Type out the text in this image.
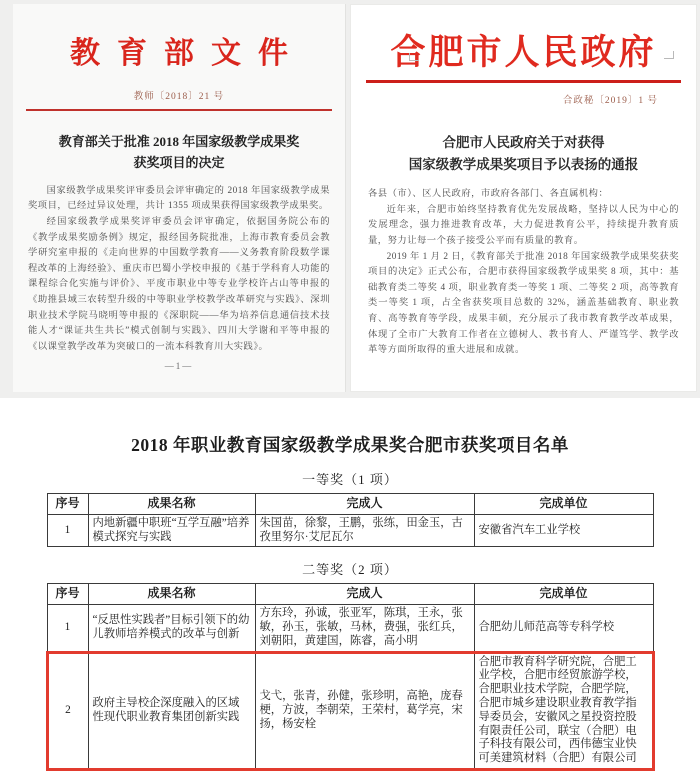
教育部文件
教师〔2018〕21 号
教育部关于批准 2018 年国家级教学成果奖
获奖项目的决定

国家级教学成果奖评审委员会评审确定的 2018 年国家级教学成果奖项目，已经过异议处理，共计 1355 项成果获得国家级教学成果奖。

经国家级教学成果奖评审委员会评审确定，依据国务院公布的《教学成果奖励条例》规定，报经国务院批准，上海市教育委员会教学研究室申报的《走向世界的中国数学教育——义务教育阶段数学课程改革的上海经验》、重庆市巴蜀小学校申报的《基于学科育人功能的课程综合化实施与评价》、平度市职业中等专业学校许占山等申报的《助推县域三农转型升级的中等职业学校教学改革研究与实践》、深圳职业技术学院马晓明等申报的《深职院——华为培养信息通信技术技能人才“课证共生共长”模式创制与实践》、四川大学谢和平等申报的《以课堂教学改革为突破口的一流本科教育川大实践》。

—1—
合肥市人民政府
合政秘〔2019〕1 号
合肥市人民政府关于对获得
国家级教学成果奖项目予以表扬的通报

各县（市）、区人民政府，市政府各部门、各直属机构：

近年来，合肥市始终坚持教育优先发展战略，坚持以人民为中心的发展理念，强力推进教育改革，大力促进教育公平，持续提升教育质量，努力让每一个孩子接受公平而有质量的教育。

2019 年 1 月 2 日，《教育部关于批准 2018 年国家级教学成果奖获奖项目的决定》正式公布，合肥市获得国家级教学成果奖 8 项，其中：基础教育类二等奖 4 项，职业教育类一等奖 1 项、二等奖 2 项，高等教育类一等奖 1 项，占全省获奖项目总数的 32%，涵盖基础教育、职业教育、高等教育等学段，成果丰硕，充分展示了我市教育教学改革成果，体现了全市广大教育工作者在立德树人、教书育人、严谨笃学、教学改革等方面所取得的重大进展和成就。

2018 年职业教育国家级教学成果奖合肥市获奖项目名单
一等奖（1 项）
序号	成果名称	完成人	完成单位
1	内地新疆中职班“互学互融”培养模式探究与实践	朱国苗，徐黎，王鹏，张练，田金玉，古孜里努尔·艾尼瓦尔	安徽省汽车工业学校
二等奖（2 项）
序号	成果名称	完成人	完成单位
1	“反思性实践者”目标引领下的幼儿教师培养模式的改革与创新	方东玲，孙诚，张亚军，陈琪，王永，张敏，孙玉，张敏，马林，费强，张红兵，刘朝阳，黄建国，陈睿，高小明	合肥幼儿师范高等专科学校
2	政府主导校企深度融入的区域性现代职业教育集团创新实践	戈弋，张青，孙健，张珍明，高艳，庞春梗，方波，李朝荣，王荣村，葛学亮，宋扬，杨安栓	合肥市教育科学研究院，合肥工业学校，合肥市经贸旅游学校，合肥职业技术学院，合肥学院，合肥市城乡建设职业教育教学指导委员会，安徽风之星投资控股有限责任公司，联宝（合肥）电子科技有限公司，西伟德宝业快可美建筑材料（合肥）有限公司
